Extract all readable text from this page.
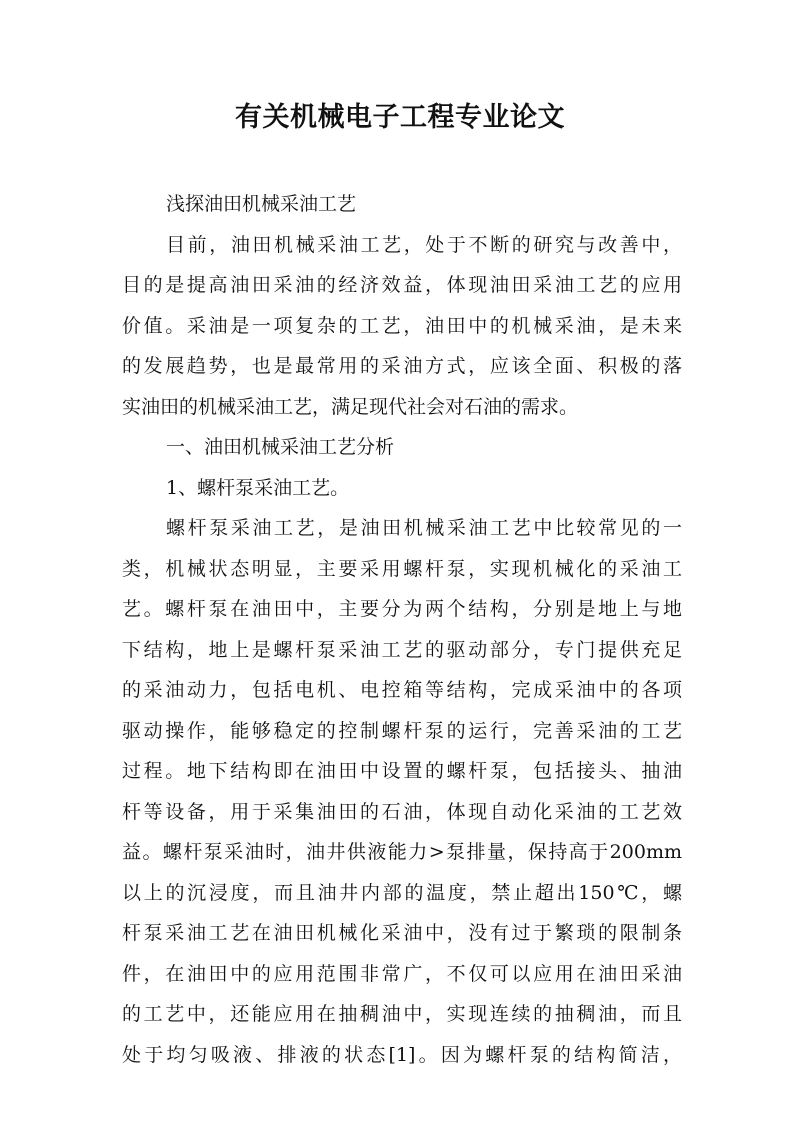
有关机械电子工程专业论文
浅探油田机械采油工艺
目前，油田机械采油工艺，处于不断的研究与改善中，
目的是提高油田采油的经济效益，体现油田采油工艺的应用
价值。采油是一项复杂的工艺，油田中的机械采油，是未来
的发展趋势，也是最常用的采油方式，应该全面、积极的落
实油田的机械采油工艺，满足现代社会对石油的需求。
一、油田机械采油工艺分析
1、螺杆泵采油工艺。
螺杆泵采油工艺，是油田机械采油工艺中比较常见的一
类，机械状态明显，主要采用螺杆泵，实现机械化的采油工
艺。螺杆泵在油田中，主要分为两个结构，分别是地上与地
下结构，地上是螺杆泵采油工艺的驱动部分，专门提供充足
的采油动力，包括电机、电控箱等结构，完成采油中的各项
驱动操作，能够稳定的控制螺杆泵的运行，完善采油的工艺
过程。地下结构即在油田中设置的螺杆泵，包括接头、抽油
杆等设备，用于采集油田的石油，体现自动化采油的工艺效
益。螺杆泵采油时，油井供液能力>泵排量，保持高于200mm
以上的沉浸度，而且油井内部的温度，禁止超出150℃，螺
杆泵采油工艺在油田机械化采油中，没有过于繁琐的限制条
件，在油田中的应用范围非常广，不仅可以应用在油田采油
的工艺中，还能应用在抽稠油中，实现连续的抽稠油，而且
处于均匀吸液、排液的状态[1]。因为螺杆泵的结构简洁，
